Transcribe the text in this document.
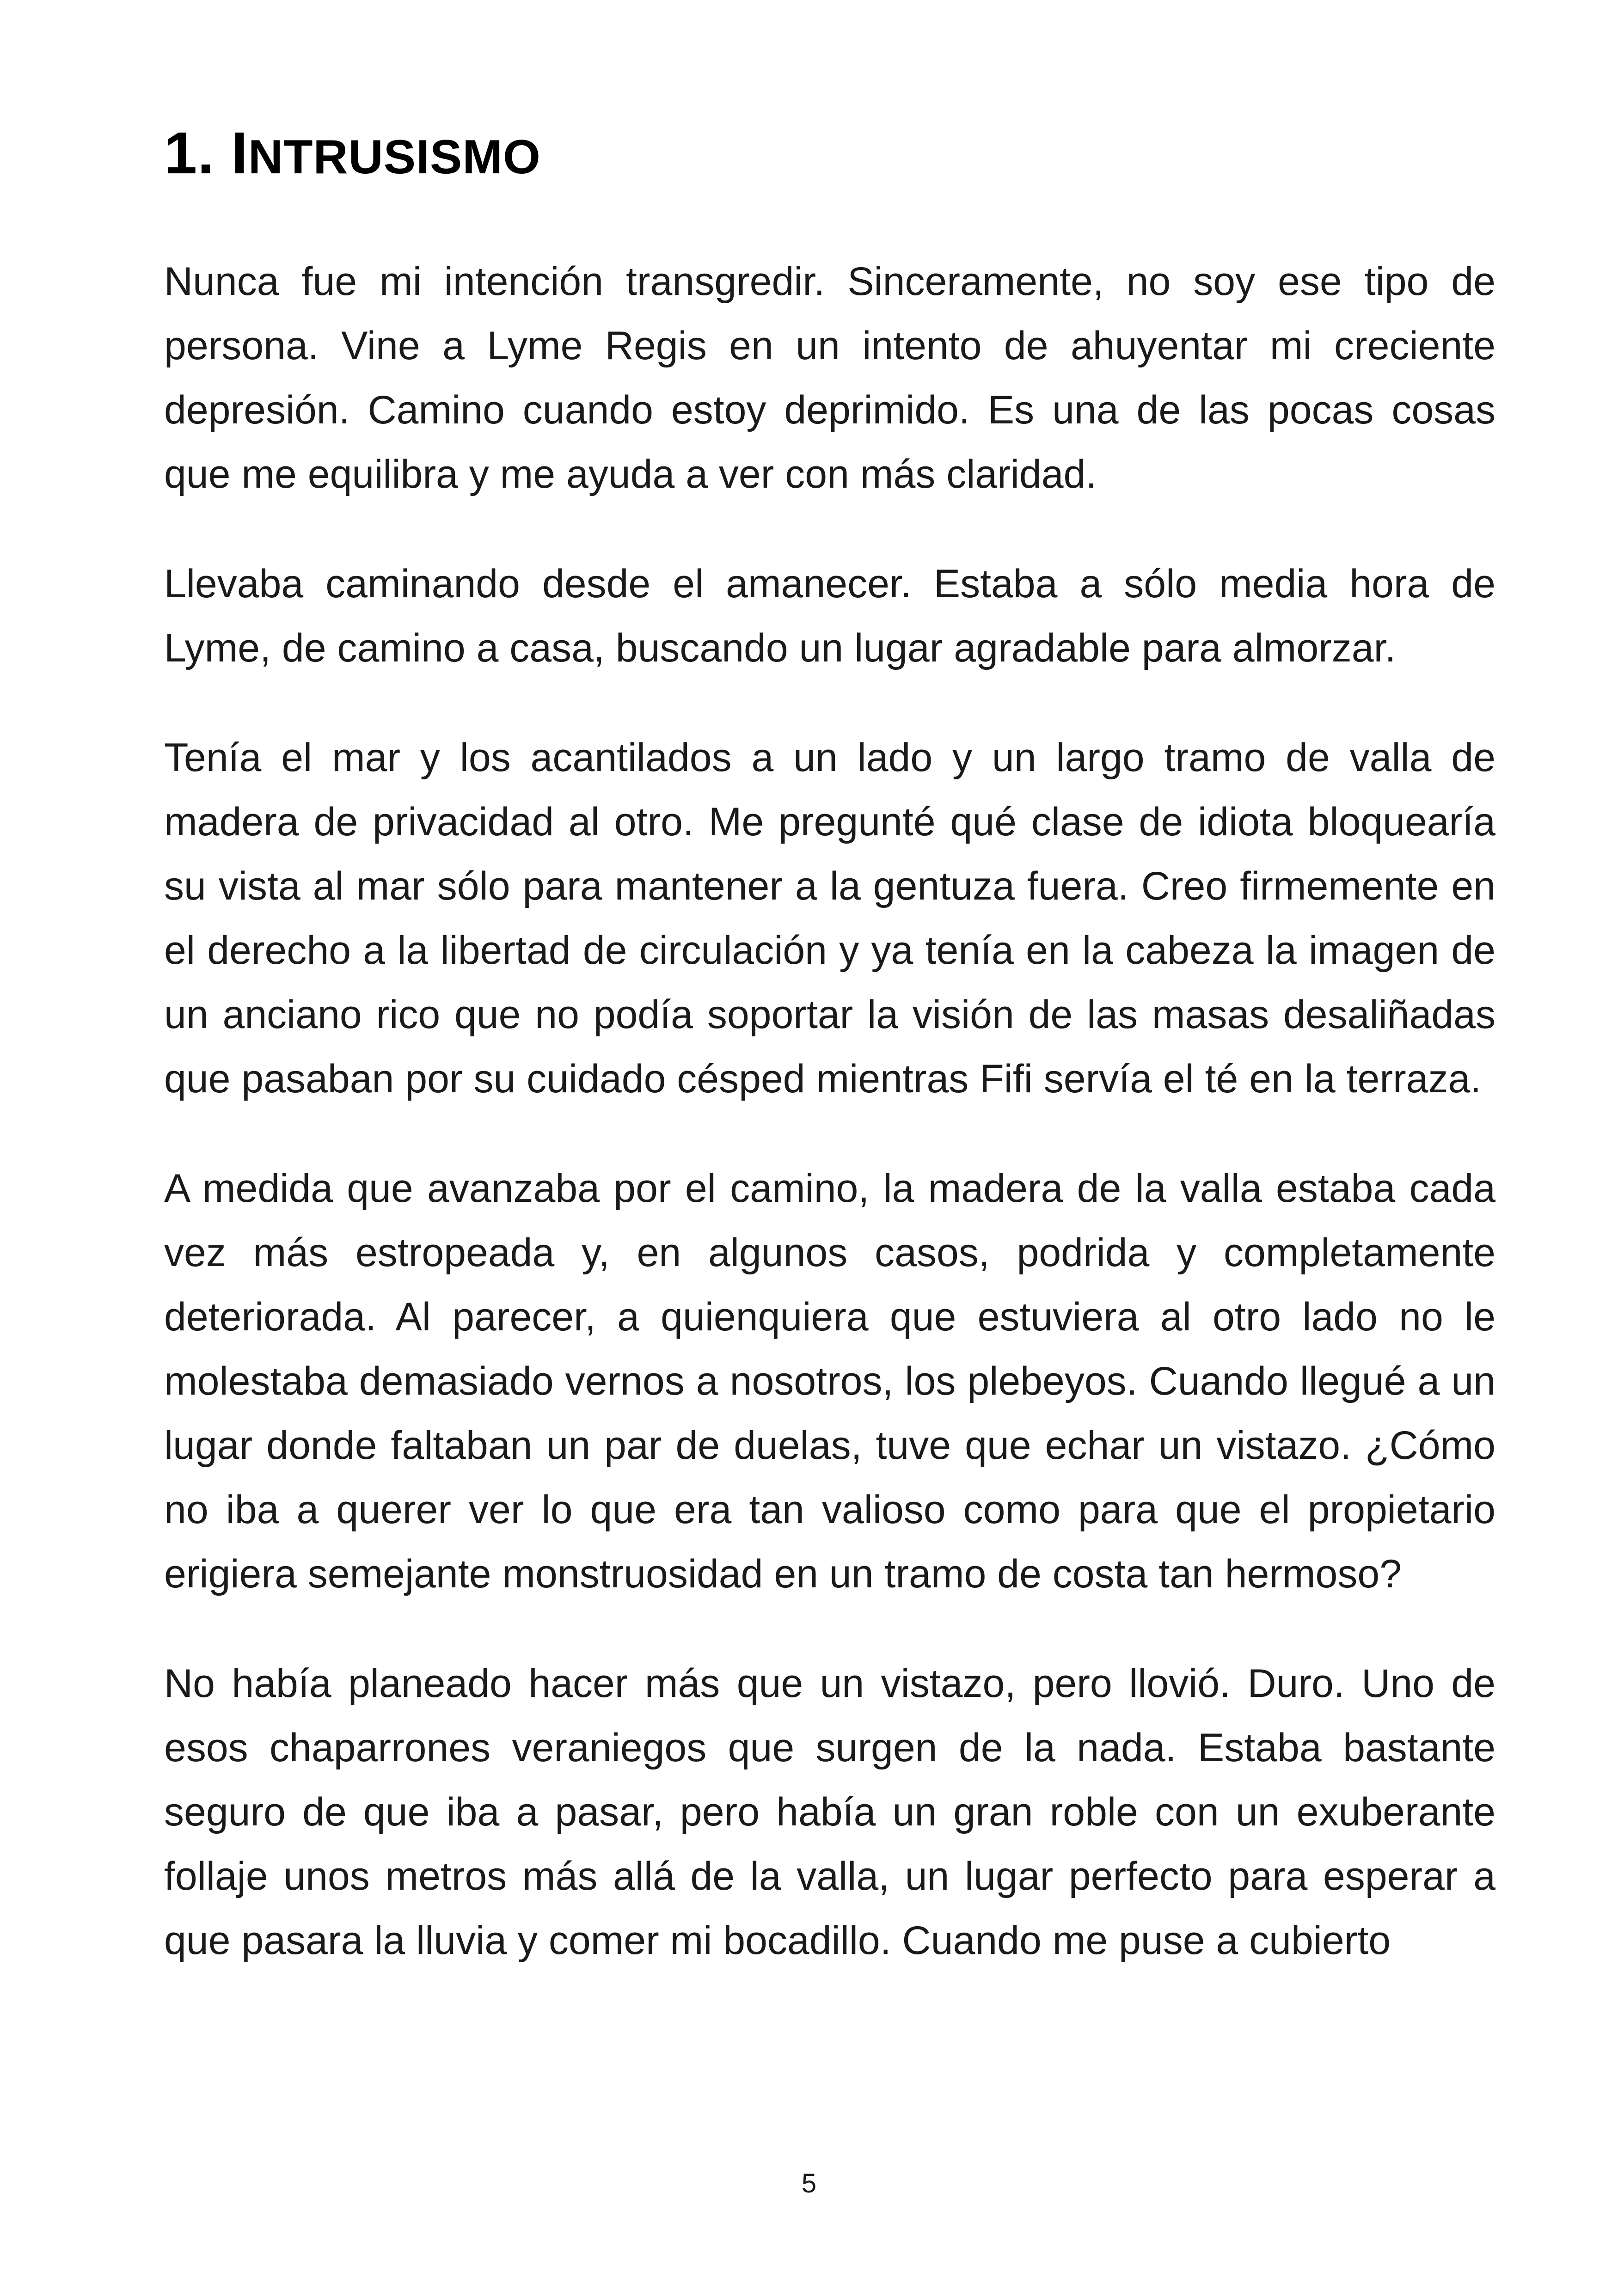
1. INTRUSISMO

Nunca fue mi intención transgredir. Sinceramente, no soy ese tipo de persona. Vine a Lyme Regis en un intento de ahuyentar mi creciente depresión. Camino cuando estoy deprimido. Es una de las pocas cosas que me equilibra y me ayuda a ver con más claridad.

Llevaba caminando desde el amanecer. Estaba a sólo media hora de Lyme, de camino a casa, buscando un lugar agradable para almorzar.

Tenía el mar y los acantilados a un lado y un largo tramo de valla de madera de privacidad al otro. Me pregunté qué clase de idiota bloquearía su vista al mar sólo para mantener a la gentuza fuera. Creo firmemente en el derecho a la libertad de circulación y ya tenía en la cabeza la imagen de un anciano rico que no podía soportar la visión de las masas desaliñadas que pasaban por su cuidado césped mientras Fifi servía el té en la terraza.

A medida que avanzaba por el camino, la madera de la valla estaba cada vez más estropeada y, en algunos casos, podrida y completamente deteriorada. Al parecer, a quienquiera que estuviera al otro lado no le molestaba demasiado vernos a nosotros, los plebeyos. Cuando llegué a un lugar donde faltaban un par de duelas, tuve que echar un vistazo. ¿Cómo no iba a querer ver lo que era tan valioso como para que el propietario erigiera semejante monstruosidad en un tramo de costa tan hermoso?

No había planeado hacer más que un vistazo, pero llovió. Duro. Uno de esos chaparrones veraniegos que surgen de la nada. Estaba bastante seguro de que iba a pasar, pero había un gran roble con un exuberante follaje unos metros más allá de la valla, un lugar perfecto para esperar a que pasara la lluvia y comer mi bocadillo. Cuando me puse a cubierto

5
